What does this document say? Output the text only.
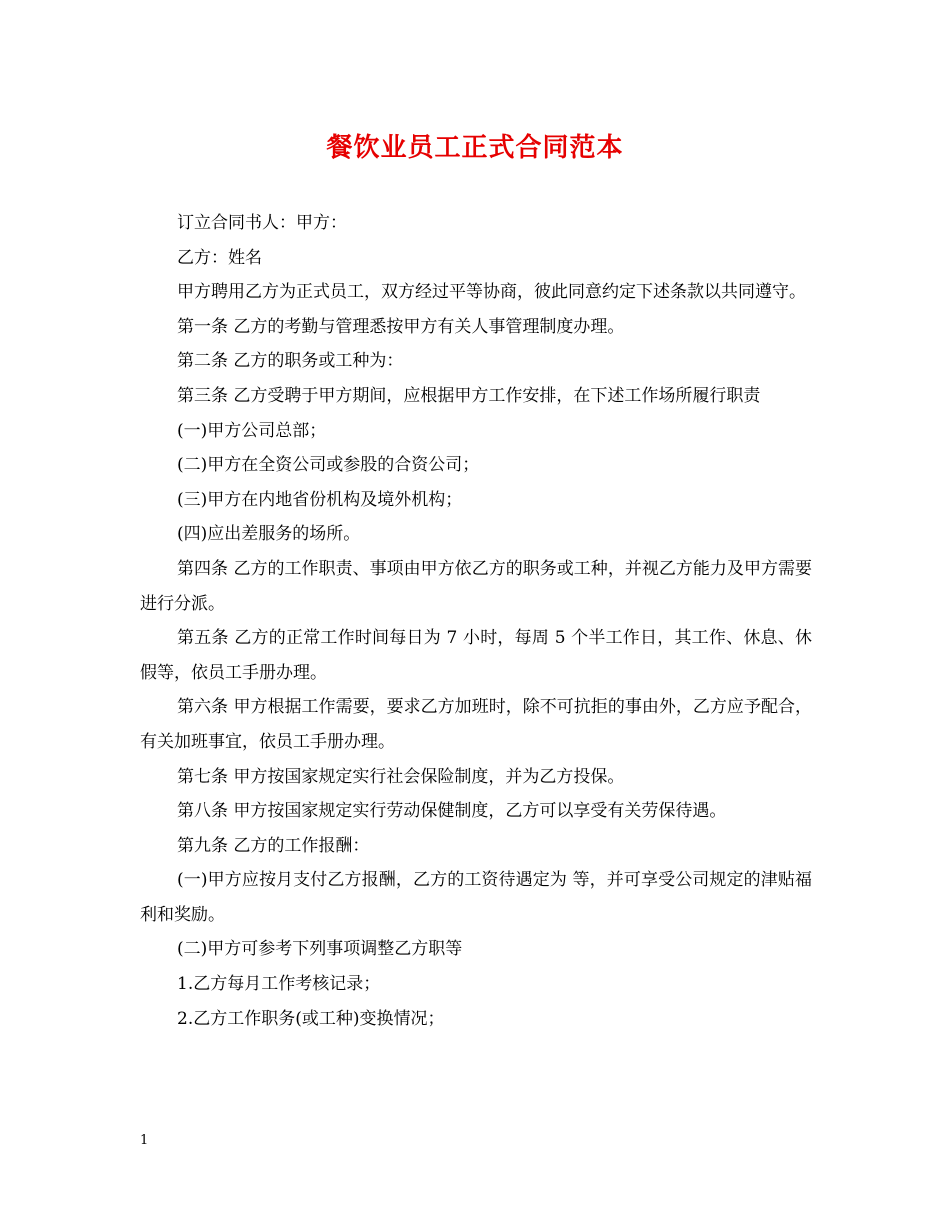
餐饮业员工正式合同范本

订立合同书人：甲方：

乙方：姓名

甲方聘用乙方为正式员工，双方经过平等协商，彼此同意约定下述条款以共同遵守。

第一条 乙方的考勤与管理悉按甲方有关人事管理制度办理。

第二条 乙方的职务或工种为：

第三条 乙方受聘于甲方期间，应根据甲方工作安排，在下述工作场所履行职责

(一)甲方公司总部；

(二)甲方在全资公司或参股的合资公司；

(三)甲方在内地省份机构及境外机构；

(四)应出差服务的场所。

第四条 乙方的工作职责、事项由甲方依乙方的职务或工种，并视乙方能力及甲方需要进行分派。

第五条 乙方的正常工作时间每日为 7 小时，每周 5 个半工作日，其工作、休息、休假等，依员工手册办理。

第六条 甲方根据工作需要，要求乙方加班时，除不可抗拒的事由外，乙方应予配合，有关加班事宜，依员工手册办理。

第七条 甲方按国家规定实行社会保险制度，并为乙方投保。

第八条 甲方按国家规定实行劳动保健制度，乙方可以享受有关劳保待遇。

第九条 乙方的工作报酬：

(一)甲方应按月支付乙方报酬，乙方的工资待遇定为 等，并可享受公司规定的津贴福利和奖励。

(二)甲方可参考下列事项调整乙方职等

1.乙方每月工作考核记录；

2.乙方工作职务(或工种)变换情况；

1
